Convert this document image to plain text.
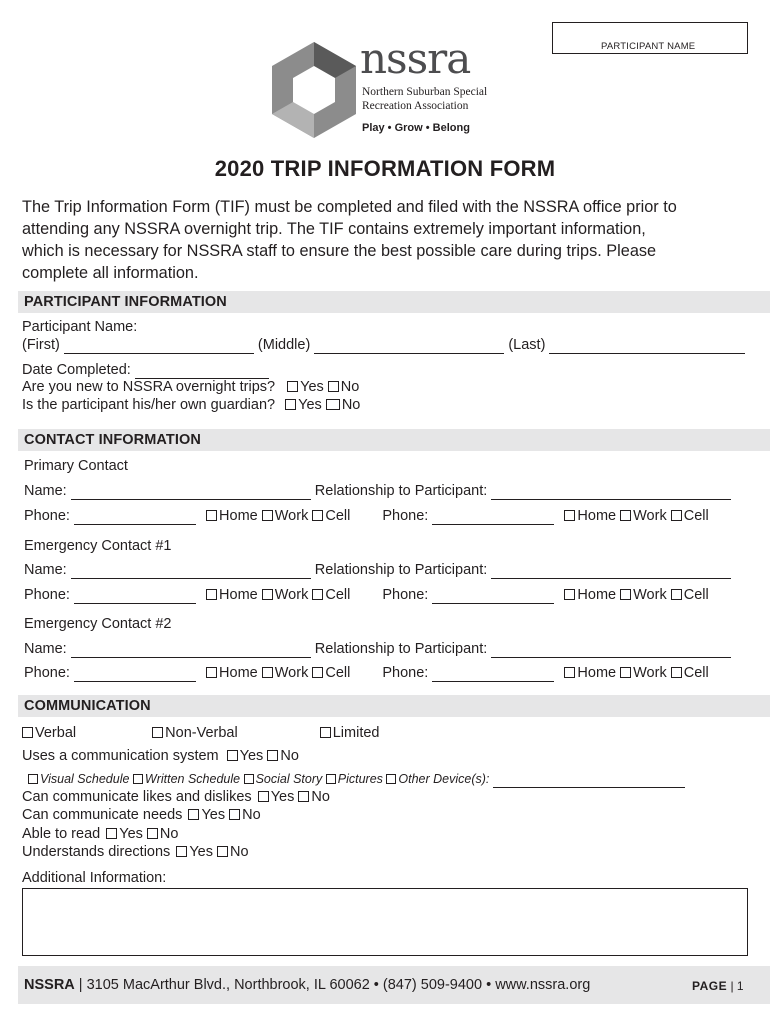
PARTICIPANT NAME
nssra
Northern Suburban Special
Recreation Association
Play • Grow • Belong
2020 TRIP INFORMATION FORM
The Trip Information Form (TIF) must be completed and filed with the NSSRA office prior to
attending any NSSRA overnight trip. The TIF contains extremely important information,
which is necessary for NSSRA staff to ensure the best possible care during trips. Please
complete all information.
PARTICIPANT INFORMATION
Participant Name:
(First)	(Middle)	(Last)
Date Completed:
Are you new to NSSRA overnight trips? Yes No
Is the participant his/her own guardian? Yes No
CONTACT INFORMATION
Primary Contact
Name:	Relationship to Participant:
Phone:	Home Work Cell Phone:	Home Work Cell
Emergency Contact #1
Name:	Relationship to Participant:
Phone:	Home Work Cell Phone:	Home Work Cell
Emergency Contact #2
Name:	Relationship to Participant:
Phone:	Home Work Cell Phone:	Home Work Cell
COMMUNICATION
Verbal	Non-Verbal	Limited
Uses a communication system Yes No
Visual Schedule Written Schedule Social Story Pictures Other Device(s):
Can communicate likes and dislikes Yes No
Can communicate needs Yes No
Able to read Yes No
Understands directions Yes No
Additional Information:
NSSRA | 3105 MacArthur Blvd., Northbrook, IL 60062 • (847) 509-9400 • www.nssra.org	PAGE | 1
